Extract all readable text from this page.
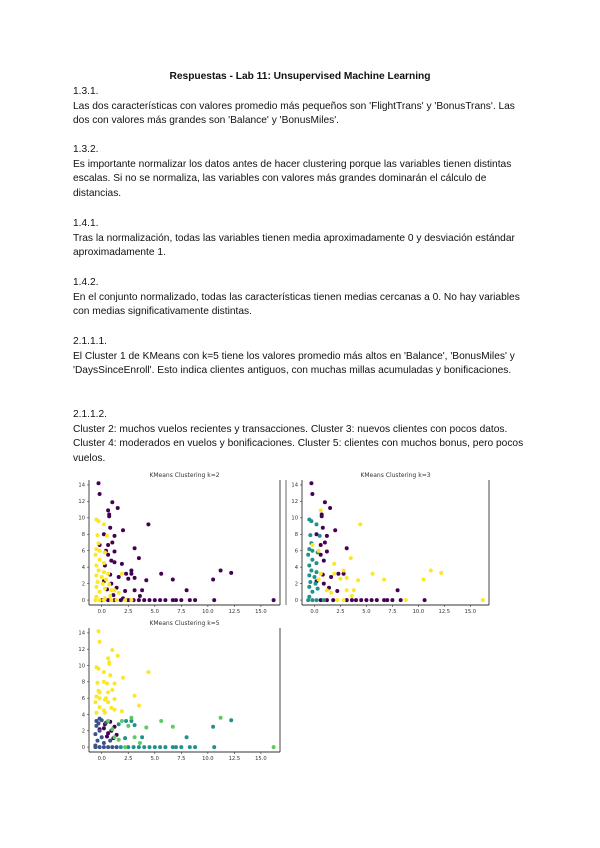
Respuestas - Lab 11: Unsupervised Machine Learning

1.3.1.

Las dos características con valores promedio más pequeños son 'FlightTrans' y 'BonusTrans'. Las dos con valores más grandes son 'Balance' y 'BonusMiles'.

1.3.2.

Es importante normalizar los datos antes de hacer clustering porque las variables tienen distintas escalas. Si no se normaliza, las variables con valores más grandes dominarán el cálculo de distancias.

1.4.1.

Tras la normalización, todas las variables tienen media aproximadamente 0 y desviación estándar aproximadamente 1.

1.4.2.

En el conjunto normalizado, todas las características tienen medias cercanas a 0. No hay variables con medias significativamente distintas.

2.1.1.1.

El Cluster 1 de KMeans con k=5 tiene los valores promedio más altos en 'Balance', 'BonusMiles' y 'DaysSinceEnroll'. Esto indica clientes antiguos, con muchas millas acumuladas y bonificaciones.

2.1.1.2.

Cluster 2: muchos vuelos recientes y transacciones. Cluster 3: nuevos clientes con pocos datos. Cluster 4: moderados en vuelos y bonificaciones. Cluster 5: clientes con muchos bonus, pero pocos vuelos.

KMeans Clustering k=2
0.0	2.5	5.0	7.5	10.0	12.5	15.0
0
2
4
6
8
10
12
14
KMeans Clustering k=3
0.0	2.5	5.0	7.5	10.0	12.5	15.0
0
2
4
6
8
10
12
14
KMeans Clustering k=5
0.0	2.5	5.0	7.5	10.0	12.5	15.0
0
2
4
6
8
10
12
14
